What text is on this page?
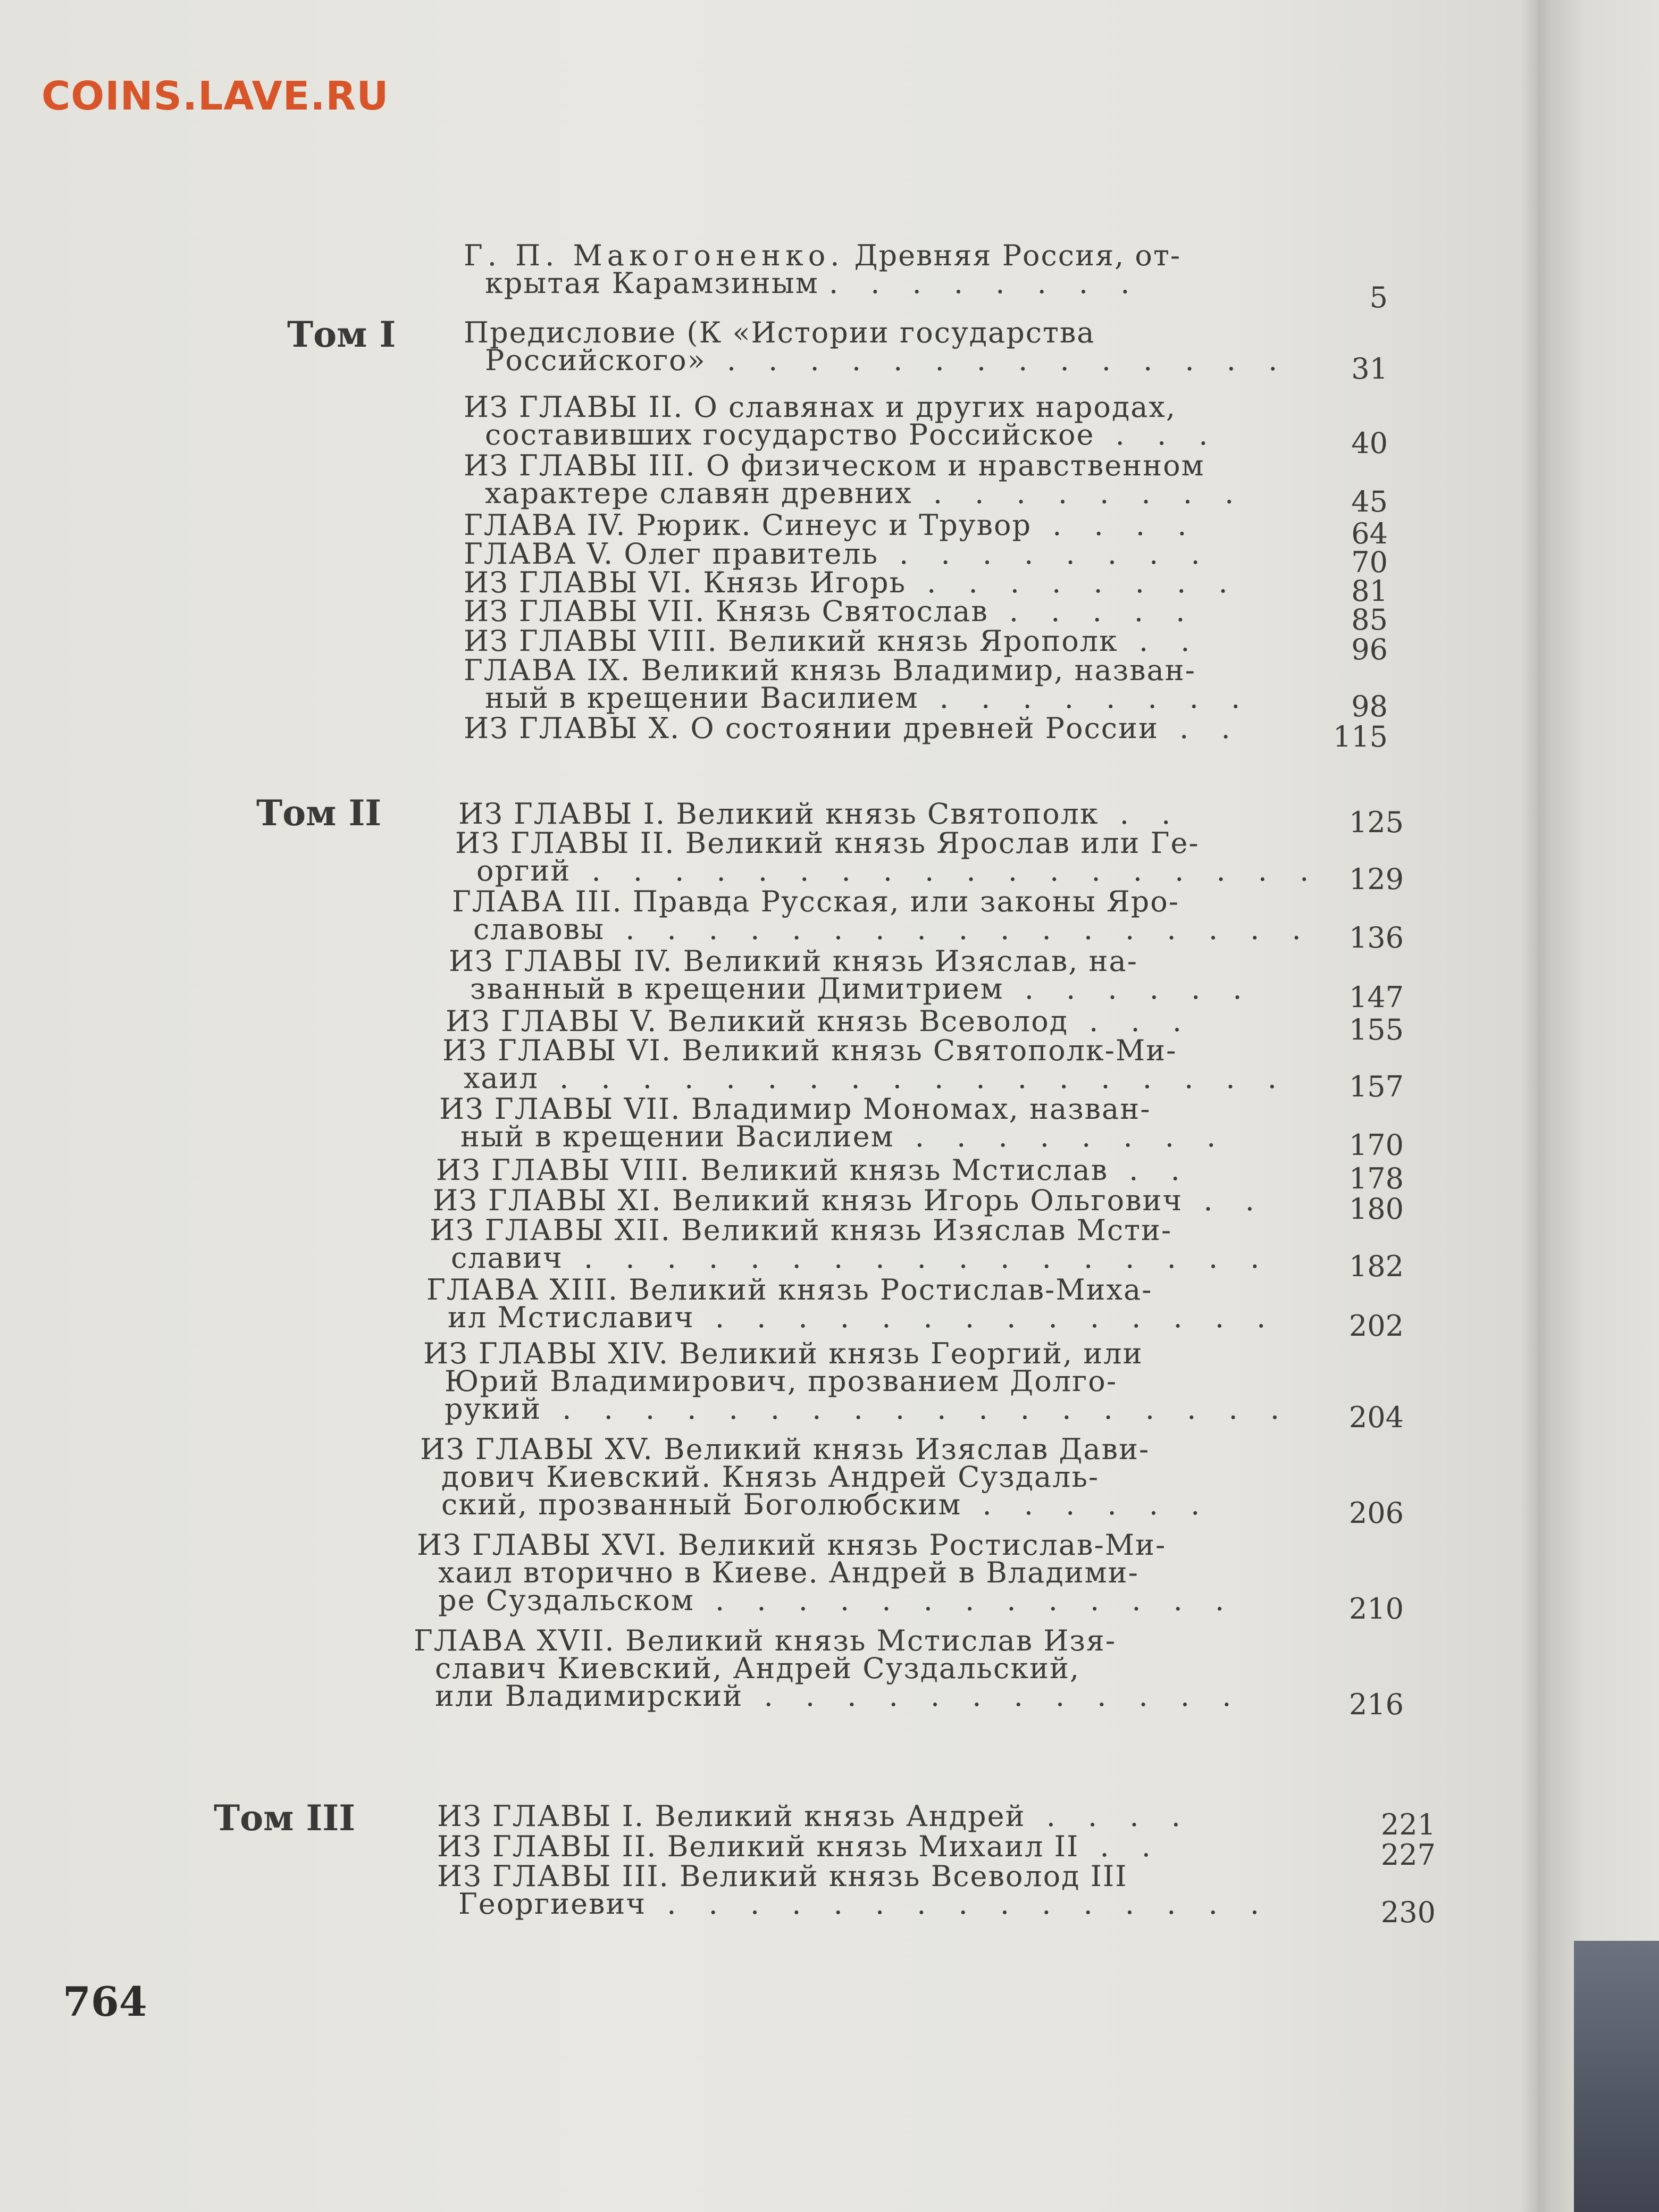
COINS.LAVE.RU
Г. П. Макогоненко. Древняя Россия, от-
крытая Карамзиным . . . . . . . .	5
Том I Предисловие (К «Истории государства
Российского» . . . . . . . . . . . . . .	31
ИЗ ГЛАВЫ II. О славянах и других народах,
составивших государство Российское . . .	40
ИЗ ГЛАВЫ III. О физическом и нравственном
характере славян древних . . . . . . . .	45
ГЛАВА IV. Рюрик. Синеус и Трувор . . . .	64
ГЛАВА V. Олег правитель . . . . . . . .	70
ИЗ ГЛАВЫ VI. Князь Игорь . . . . . . . .	81
ИЗ ГЛАВЫ VII. Князь Святослав . . . . .	85
ИЗ ГЛАВЫ VIII. Великий князь Ярополк . .	96
ГЛАВА IX. Великий князь Владимир, назван-
ный в крещении Василием . . . . . . . .	98
ИЗ ГЛАВЫ X. О состоянии древней России . .	115
Том II	ИЗ ГЛАВЫ I. Великий князь Святополк . .	125
ИЗ ГЛАВЫ II. Великий князь Ярослав или Ге-
оргий . . . . . . . . . . . . . . . . . . 129
ГЛАВА III. Правда Русская, или законы Яро-
славовы . . . . . . . . . . . . . . . . .	136
ИЗ ГЛАВЫ IV. Великий князь Изяслав, на-
званный в крещении Димитрием . . . . . .	147
ИЗ ГЛАВЫ V. Великий князь Всеволод . . .	155
ИЗ ГЛАВЫ VI. Великий князь Святополк-Ми-
хаил . . . . . . . . . . . . . . . . . .	157
ИЗ ГЛАВЫ VII. Владимир Мономах, назван-
ный в крещении Василием . . . . . . . .	170
ИЗ ГЛАВЫ VIII. Великий князь Мстислав . .	178
ИЗ ГЛАВЫ XI. Великий князь Игорь Ольгович . .	180
ИЗ ГЛАВЫ XII. Великий князь Изяслав Мсти-
славич . . . . . . . . . . . . . . . . .	182
ГЛАВА XIII. Великий князь Ростислав-Миха-
ил Мстиславич . . . . . . . . . . . . . .	202
ИЗ ГЛАВЫ XIV. Великий князь Георгий, или
Юрий Владимирович, прозванием Долго-
рукий . . . . . . . . . . . . . . . . . .	204
ИЗ ГЛАВЫ XV. Великий князь Изяслав Дави-
дович Киевский. Князь Андрей Суздаль-
ский, прозванный Боголюбским . . . . . .	206
ИЗ ГЛАВЫ XVI. Великий князь Ростислав-Ми-
хаил вторично в Киеве. Андрей в Владими-
ре Суздальском . . . . . . . . . . . . .	210
ГЛАВА XVII. Великий князь Мстислав Изя-
славич Киевский, Андрей Суздальский,
или Владимирский . . . . . . . . . . . .	216
Том III	ИЗ ГЛАВЫ I. Великий князь Андрей . . . .	221
ИЗ ГЛАВЫ II. Великий князь Михаил II . .	227
ИЗ ГЛАВЫ III. Великий князь Всеволод III
Георгиевич . . . . . . . . . . . . . . .	230
764
